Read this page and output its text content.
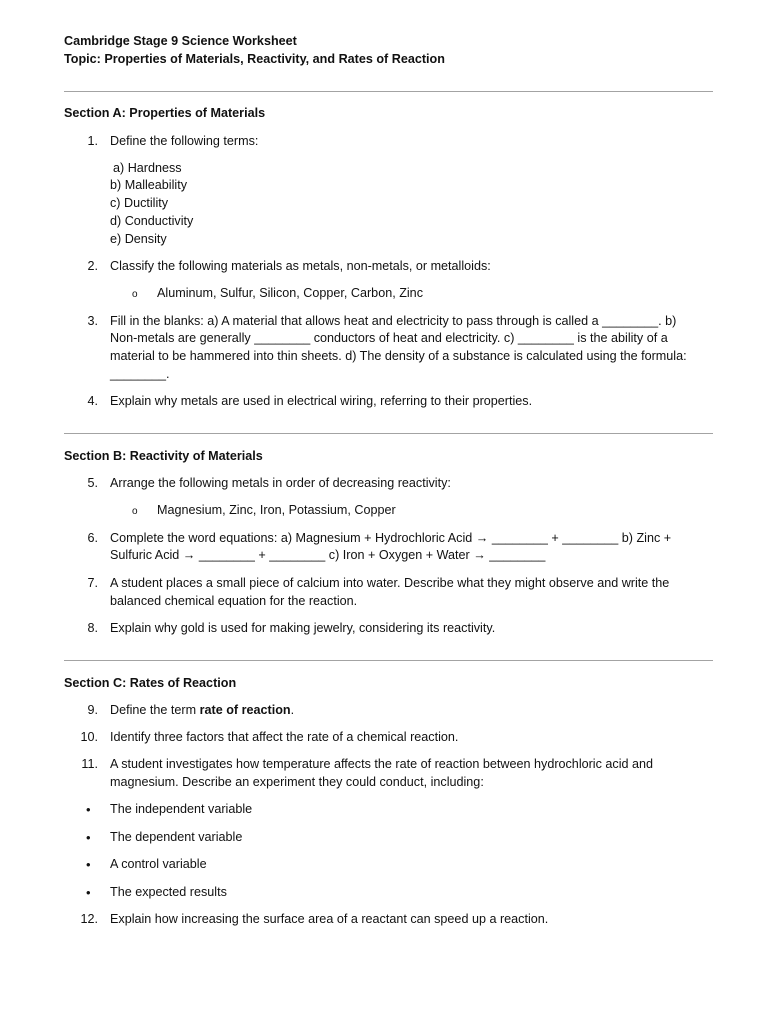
Cambridge Stage 9 Science Worksheet
Topic: Properties of Materials, Reactivity, and Rates of Reaction
Section A: Properties of Materials
1. Define the following terms:
a) Hardness
b) Malleability
c) Ductility
d) Conductivity
e) Density
2. Classify the following materials as metals, non-metals, or metalloids:
o Aluminum, Sulfur, Silicon, Copper, Carbon, Zinc
3. Fill in the blanks: a) A material that allows heat and electricity to pass through is called a ________. b)
Non-metals are generally ________ conductors of heat and electricity. c) ________ is the ability of a
material to be hammered into thin sheets. d) The density of a substance is calculated using the formula:
________.
4. Explain why metals are used in electrical wiring, referring to their properties.
Section B: Reactivity of Materials
5. Arrange the following metals in order of decreasing reactivity:
o Magnesium, Zinc, Iron, Potassium, Copper
6. Complete the word equations: a) Magnesium + Hydrochloric Acid → ________ + ________ b) Zinc +
Sulfuric Acid → ________ + ________ c) Iron + Oxygen + Water → ________
7. A student places a small piece of calcium into water. Describe what they might observe and write the
balanced chemical equation for the reaction.
8. Explain why gold is used for making jewelry, considering its reactivity.
Section C: Rates of Reaction
9. Define the term rate of reaction.
10. Identify three factors that affect the rate of a chemical reaction.
11. A student investigates how temperature affects the rate of reaction between hydrochloric acid and
magnesium. Describe an experiment they could conduct, including:
• The independent variable
• The dependent variable
• A control variable
• The expected results
12. Explain how increasing the surface area of a reactant can speed up a reaction.
